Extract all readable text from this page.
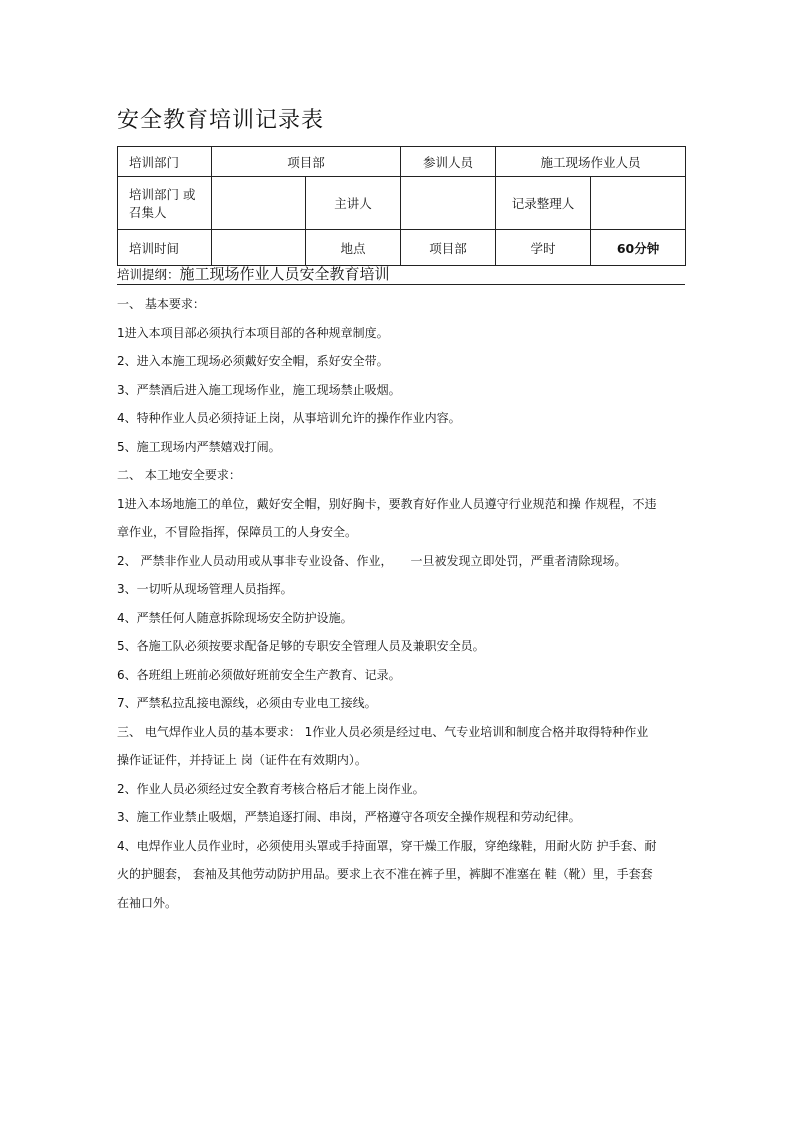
安全教育培训记录表
培训部门	项目部		参训人员	施工现场作业人员	
培训部门 或 召集人		主讲人		记录整理人	
培训时间		地点	项目部	学时	60分钟
培训提纲：施工现场作业人员安全教育培训

一、 基本要求：

1进入本项目部必须执行本项目部的各种规章制度。

2、进入本施工现场必须戴好安全帽，系好安全带。

3、严禁酒后进入施工现场作业，施工现场禁止吸烟。

4、特种作业人员必须持证上岗，从事培训允许的操作作业内容。

5、施工现场内严禁嬉戏打闹。

二、 本工地安全要求：

1进入本场地施工的单位，戴好安全帽，别好胸卡，要教育好作业人员遵守行业规范和操 作规程，不违

章作业，不冒险指挥，保障员工的人身安全。

2、 严禁非作业人员动用或从事非专业设备、作业，　　一旦被发现立即处罚，严重者清除现场。

3、一切听从现场管理人员指挥。

4、严禁任何人随意拆除现场安全防护设施。

5、各施工队必须按要求配备足够的专职安全管理人员及兼职安全员。

6、各班组上班前必须做好班前安全生产教育、记录。

7、严禁私拉乱接电源线，必须由专业电工接线。

三、 电气焊作业人员的基本要求： 1作业人员必须是经过电、气专业培训和制度合格并取得特种作业

操作证证件，并持证上 岗（证件在有效期内）。

2、作业人员必须经过安全教育考核合格后才能上岗作业。

3、施工作业禁止吸烟，严禁追逐打闹、串岗，严格遵守各项安全操作规程和劳动纪律。

4、电焊作业人员作业时，必须使用头罩或手持面罩，穿干燥工作服，穿绝缘鞋，用耐火防 护手套、耐

火的护腿套， 套袖及其他劳动防护用品。要求上衣不准在裤子里，裤脚不准塞在 鞋（靴）里，手套套

在袖口外。
